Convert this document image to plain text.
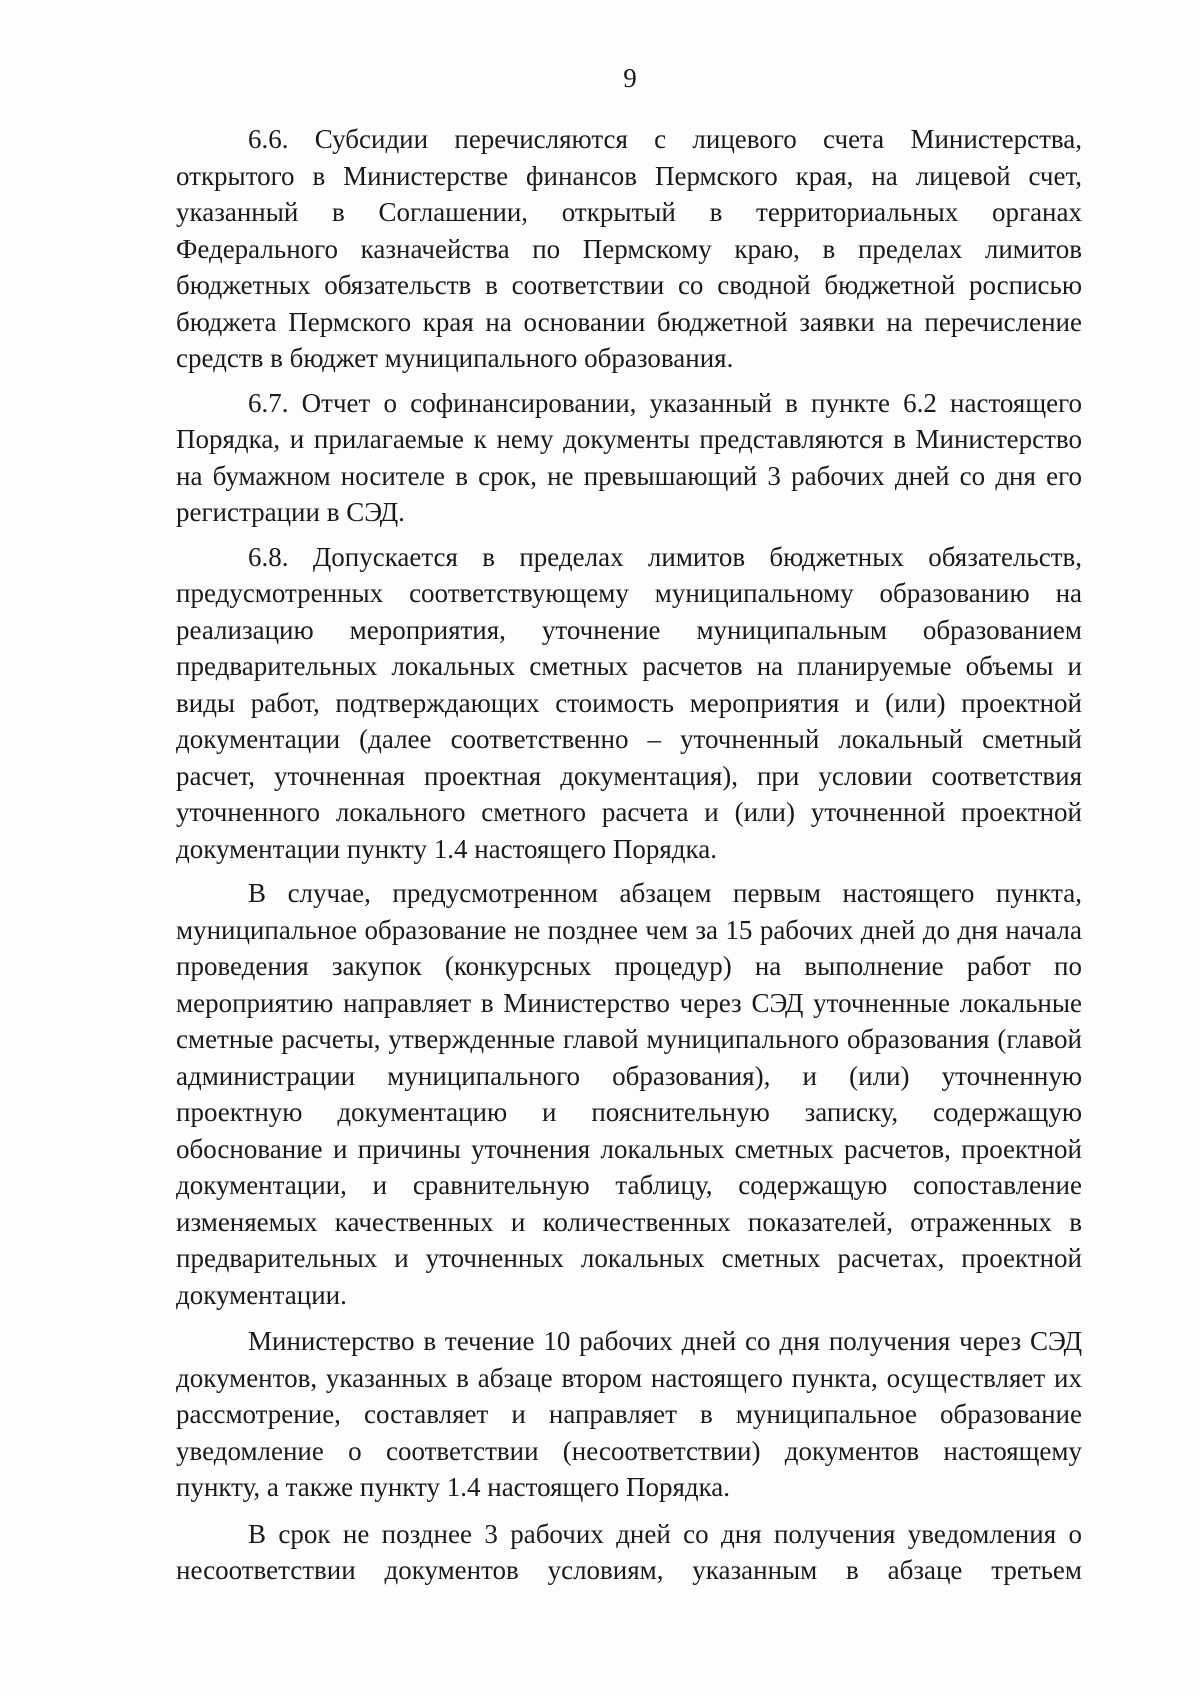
9

6.6. Субсидии перечисляются с лицевого счета Министерства, открытого в Министерстве финансов Пермского края, на лицевой счет, указанный в Соглашении, открытый в территориальных органах Федерального казначейства по Пермскому краю, в пределах лимитов бюджетных обязательств в соответствии со сводной бюджетной росписью бюджета Пермского края на основании бюджетной заявки на перечисление средств в бюджет муниципального образования.

6.7. Отчет о софинансировании, указанный в пункте 6.2 настоящего Порядка, и прилагаемые к нему документы представляются в Министерство на бумажном носителе в срок, не превышающий 3 рабочих дней со дня его регистрации в СЭД.

6.8. Допускается в пределах лимитов бюджетных обязательств, предусмотренных соответствующему муниципальному образованию на реализацию мероприятия, уточнение муниципальным образованием предварительных локальных сметных расчетов на планируемые объемы и виды работ, подтверждающих стоимость мероприятия и (или) проектной документации (далее соответственно – уточненный локальный сметный расчет, уточненная проектная документация), при условии соответствия уточненного локального сметного расчета и (или) уточненной проектной документации пункту 1.4 настоящего Порядка.

В случае, предусмотренном абзацем первым настоящего пункта, муниципальное образование не позднее чем за 15 рабочих дней до дня начала проведения закупок (конкурсных процедур) на выполнение работ по мероприятию направляет в Министерство через СЭД уточненные локальные сметные расчеты, утвержденные главой муниципального образования (главой администрации муниципального образования), и (или) уточненную проектную документацию и пояснительную записку, содержащую обоснование и причины уточнения локальных сметных расчетов, проектной документации, и сравнительную таблицу, содержащую сопоставление изменяемых качественных и количественных показателей, отраженных в предварительных и уточненных локальных сметных расчетах, проектной документации.

Министерство в течение 10 рабочих дней со дня получения через СЭД документов, указанных в абзаце втором настоящего пункта, осуществляет их рассмотрение, составляет и направляет в муниципальное образование уведомление о соответствии (несоответствии) документов настоящему пункту, а также пункту 1.4 настоящего Порядка.

В срок не позднее 3 рабочих дней со дня получения уведомления о несоответствии документов условиям, указанным в абзаце третьем
